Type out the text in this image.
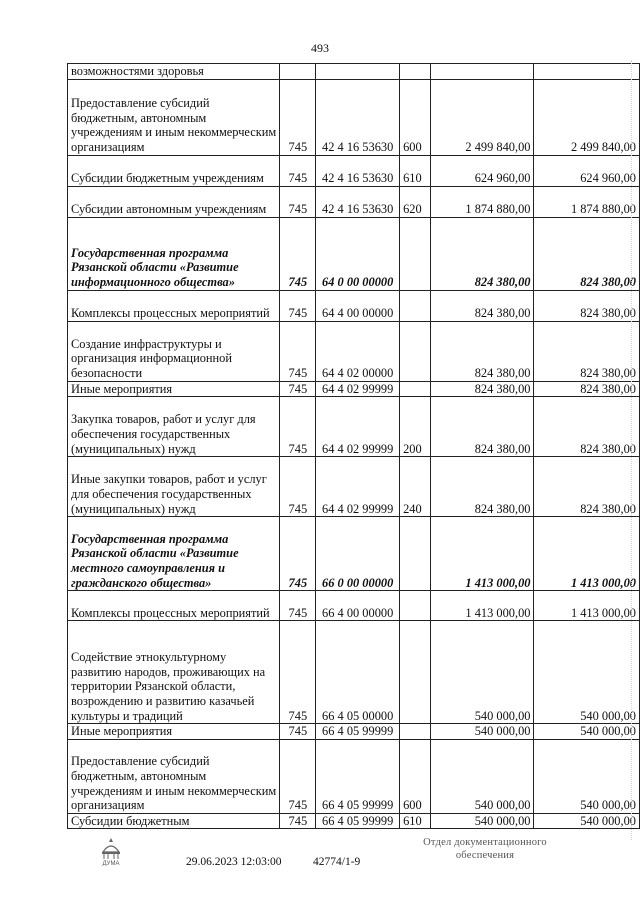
493
возможностями здоровья					
Предоставление субсидий бюджетным, автономным учреждениям и иным некоммерческим организациям	745	42 4 16 53630	600	2 499 840,00	2 499 840,00
Субсидии бюджетным учреждениям	745	42 4 16 53630	610	624 960,00	624 960,00
Субсидии автономным учреждениям	745	42 4 16 53630	620	1 874 880,00	1 874 880,00
Государственная программа Рязанской области «Развитие информационного общества»	745	64 0 00 00000		824 380,00	824 380,00
Комплексы процессных мероприятий	745	64 4 00 00000		824 380,00	824 380,00
Создание инфраструктуры и организация информационной безопасности	745	64 4 02 00000		824 380,00	824 380,00
Иные мероприятия	745	64 4 02 99999		824 380,00	824 380,00
Закупка товаров, работ и услуг для обеспечения государственных (муниципальных) нужд	745	64 4 02 99999	200	824 380,00	824 380,00
Иные закупки товаров, работ и услуг для обеспечения государственных (муниципальных) нужд	745	64 4 02 99999	240	824 380,00	824 380,00
Государственная программа Рязанской области «Развитие местного самоуправления и гражданского общества»	745	66 0 00 00000		1 413 000,00	1 413 000,00
Комплексы процессных мероприятий	745	66 4 00 00000		1 413 000,00	1 413 000,00
Содействие этнокультурному развитию народов, проживающих на территории Рязанской области, возрождению и развитию казачьей культуры и традиций	745	66 4 05 00000		540 000,00	540 000,00
Иные мероприятия	745	66 4 05 99999		540 000,00	540 000,00
Предоставление субсидий бюджетным, автономным учреждениям и иным некоммерческим организациям	745	66 4 05 99999	600	540 000,00	540 000,00
Субсидии бюджетным	745	66 4 05 99999	610	540 000,00	540 000,00
ДУМА	29.06.2023 12:03:00	42774/1-9
Отдел документационного
обеспечения
